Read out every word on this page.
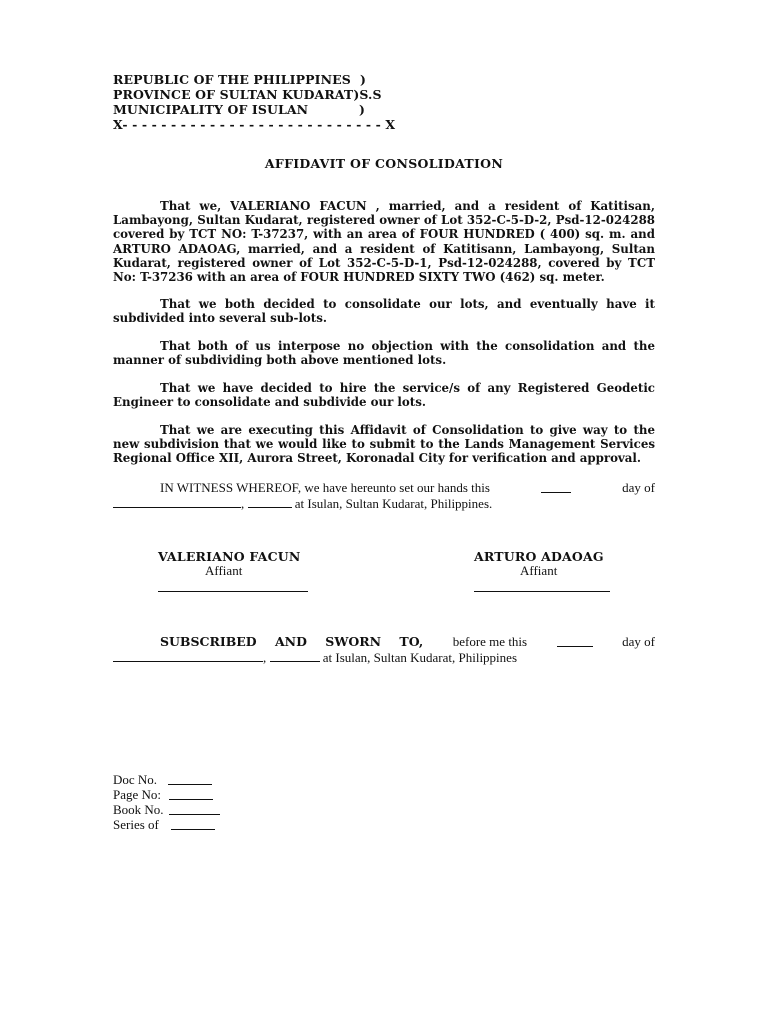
REPUBLIC OF THE PHILIPPINES )
PROVINCE OF SULTAN KUDARAT)S.S
MUNICIPALITY OF ISULAN	)
X- - - - - - - - - - - - - - - - - - - - - - - - - - - X
AFFIDAVIT OF CONSOLIDATION
That we, VALERIANO FACUN , married, and a resident of Katitisan, Lambayong, Sultan Kudarat, registered owner of Lot 352-C-5-D-2, Psd-12-024288 covered by TCT NO: T-37237, with an area of FOUR HUNDRED ( 400) sq. m. and ARTURO ADAOAG, married, and a resident of Katitisann, Lambayong, Sultan Kudarat, registered owner of Lot 352-C-5-D-1, Psd-12-024288, covered by TCT No: T-37236 with an area of FOUR HUNDRED SIXTY TWO (462) sq. meter.
That we both decided to consolidate our lots, and eventually have it subdivided into several sub-lots.
That both of us interpose no objection with the consolidation and the manner of subdividing both above mentioned lots.
That we have decided to hire the service/s of any Registered Geodetic Engineer to consolidate and subdivide our lots.
That we are executing this Affidavit of Consolidation to give way to the new subdivision that we would like to submit to the Lands Management Services Regional Office XII, Aurora Street, Koronadal City for verification and approval.
IN WITNESS WHEREOF, we have hereunto set our hands this	day of
,	at Isulan, Sultan Kudarat, Philippines.
VALERIANO FACUN
Affiant
ARTURO ADAOAG
Affiant
SUBSCRIBED AND SWORN TO, before me this	day of
,	at Isulan, Sultan Kudarat, Philippines
Doc No.
Page No:
Book No.
Series of
